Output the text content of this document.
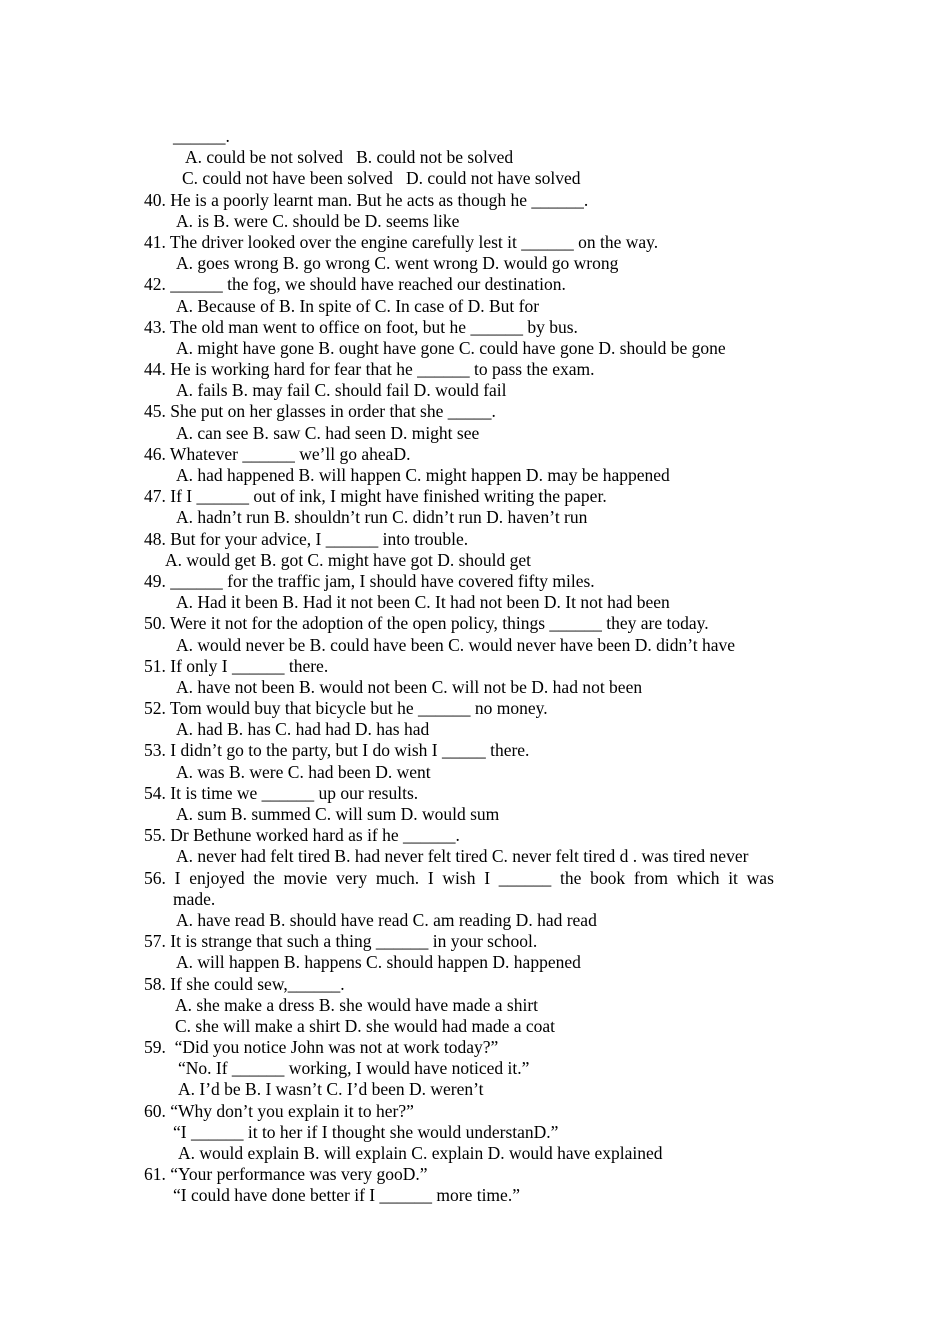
______.
A. could be not solved   B. could not be solved
C. could not have been solved   D. could not have solved
40. He is a poorly learnt man. But he acts as though he ______.
A. is B. were C. should be D. seems like
41. The driver looked over the engine carefully lest it ______ on the way.
A. goes wrong B. go wrong C. went wrong D. would go wrong
42. ______ the fog, we should have reached our destination.
A. Because of B. In spite of C. In case of D. But for
43. The old man went to office on foot, but he ______ by bus.
A. might have gone B. ought have gone C. could have gone D. should be gone
44. He is working hard for fear that he ______ to pass the exam.
A. fails B. may fail C. should fail D. would fail
45. She put on her glasses in order that she _____.
A. can see B. saw C. had seen D. might see
46. Whatever ______ we’ll go aheaD.
A. had happened B. will happen C. might happen D. may be happened
47. If I ______ out of ink, I might have finished writing the paper.
A. hadn’t run B. shouldn’t run C. didn’t run D. haven’t run
48. But for your advice, I ______ into trouble.
A. would get B. got C. might have got D. should get
49. ______ for the traffic jam, I should have covered fifty miles.
A. Had it been B. Had it not been C. It had not been D. It not had been
50. Were it not for the adoption of the open policy, things ______ they are today.
A. would never be B. could have been C. would never have been D. didn’t have
51. If only I ______ there.
A. have not been B. would not been C. will not be D. had not been
52. Tom would buy that bicycle but he ______ no money.
A. had B. has C. had had D. has had
53. I didn’t go to the party, but I do wish I _____ there.
A. was B. were C. had been D. went
54. It is time we ______ up our results.
A. sum B. summed C. will sum D. would sum
55. Dr Bethune worked hard as if he ______.
A. never had felt tired B. had never felt tired C. never felt tired d . was tired never
56.  I  enjoyed  the  movie  very  much.  I  wish  I  ______  the  book  from  which  it  was
made.
A. have read B. should have read C. am reading D. had read
57. It is strange that such a thing ______ in your school.
A. will happen B. happens C. should happen D. happened
58. If she could sew,______.
A. she make a dress B. she would have made a shirt
C. she will make a shirt D. she would had made a coat
59.  “Did you notice John was not at work today?”
“No. If ______ working, I would have noticed it.”
A. I’d be B. I wasn’t C. I’d been D. weren’t
60. “Why don’t you explain it to her?”
“I ______ it to her if I thought she would understanD.”
A. would explain B. will explain C. explain D. would have explained
61. “Your performance was very gooD.”
“I could have done better if I ______ more time.”
